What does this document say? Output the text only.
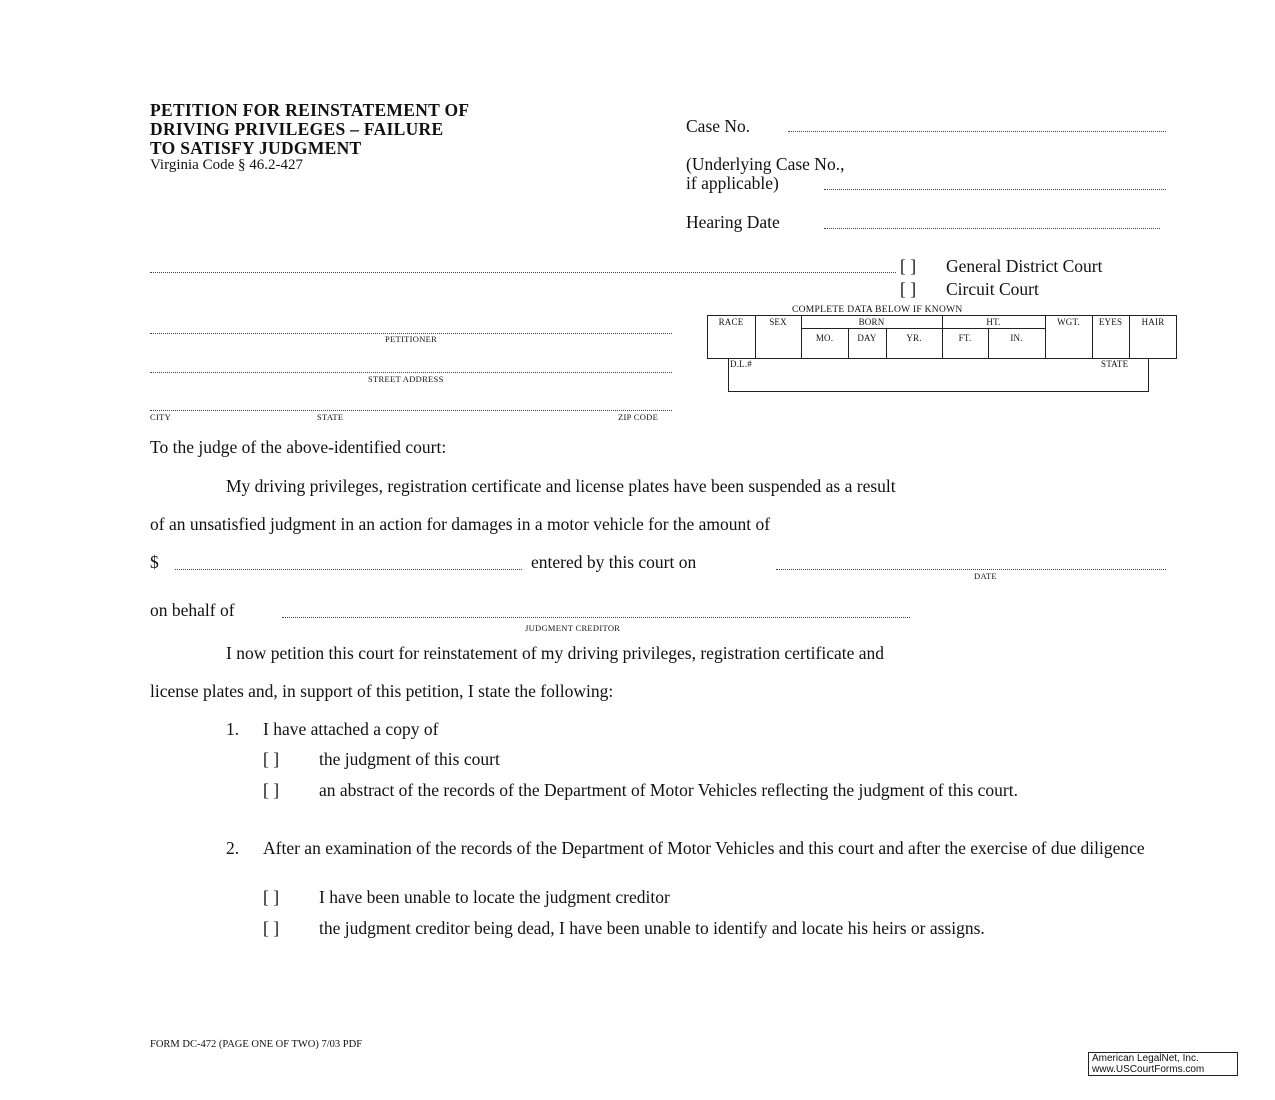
PETITION FOR REINSTATEMENT OF
DRIVING PRIVILEGES – FAILURE
TO SATISFY JUDGMENT
Virginia Code § 46.2-427
Case No.
(Underlying Case No.,
if applicable)
Hearing Date
[ ] General District Court
[ ] Circuit Court
PETITIONER
STREET ADDRESS
CITY	STATE	ZIP CODE
COMPLETE DATA BELOW IF KNOWN
RACE	SEX	BORN	HT.	WGT.	EYES	HAIR
MO.	DAY	YR.	FT.	IN.
D.L.#	STATE
To the judge of the above-identified court:
My driving privileges, registration certificate and license plates have been suspended as a result
of an unsatisfied judgment in an action for damages in a motor vehicle for the amount of
$	entered by this court on
DATE
on behalf of
JUDGMENT CREDITOR
I now petition this court for reinstatement of my driving privileges, registration certificate and
license plates and, in support of this petition, I state the following:
1. I have attached a copy of
[ ] the judgment of this court
[ ] an abstract of the records of the Department of Motor Vehicles reflecting the judgment of this court.
2. After an examination of the records of the Department of Motor Vehicles and this court and after the exercise of due diligence
[ ] I have been unable to locate the judgment creditor
[ ] the judgment creditor being dead, I have been unable to identify and locate his heirs or assigns.
FORM DC-472 (PAGE ONE OF TWO) 7/03 PDF
American LegalNet, Inc.
www.USCourtForms.com
